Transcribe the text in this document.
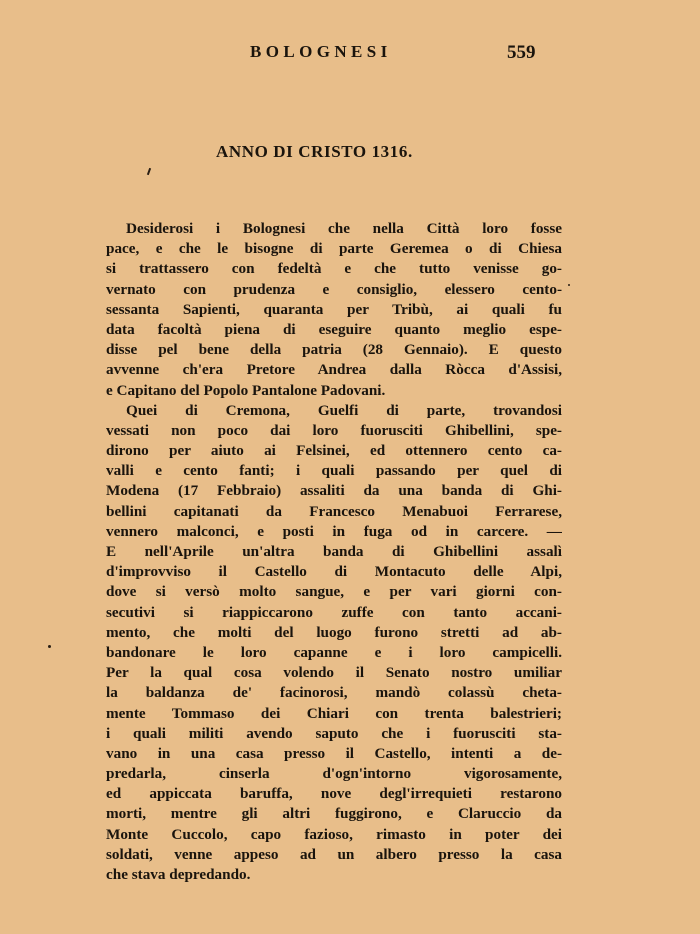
BOLOGNESI	559
ANNO DI CRISTO 1316.
Desiderosi i Bolognesi che nella Città loro fosse
pace, e che le bisogne di parte Geremea o di Chiesa
si trattassero con fedeltà e che tutto venisse go-
vernato con prudenza e consiglio, elessero cento-
sessanta Sapienti, quaranta per Tribù, ai quali fu
data facoltà piena di eseguire quanto meglio espe-
disse pel bene della patria (28 Gennaio). E questo
avvenne ch'era Pretore Andrea dalla Ròcca d'Assisi,
e Capitano del Popolo Pantalone Padovani.
Quei di Cremona, Guelfi di parte, trovandosi
vessati non poco dai loro fuorusciti Ghibellini, spe-
dirono per aiuto ai Felsinei, ed ottennero cento ca-
valli e cento fanti; i quali passando per quel di
Modena (17 Febbraio) assaliti da una banda di Ghi-
bellini capitanati da Francesco Menabuoi Ferrarese,
vennero malconci, e posti in fuga od in carcere. —
E nell'Aprile un'altra banda di Ghibellini assalì
d'improvviso il Castello di Montacuto delle Alpi,
dove si versò molto sangue, e per vari giorni con-
secutivi si riappiccarono zuffe con tanto accani-
mento, che molti del luogo furono stretti ad ab-
bandonare le loro capanne e i loro campicelli.
Per la qual cosa volendo il Senato nostro umiliar
la baldanza de' facinorosi, mandò colassù cheta-
mente Tommaso dei Chiari con trenta balestrieri;
i quali militi avendo saputo che i fuorusciti sta-
vano in una casa presso il Castello, intenti a de-
predarla, cinserla d'ogn'intorno vigorosamente,
ed appiccata baruffa, nove degl'irrequieti restarono
morti, mentre gli altri fuggirono, e Claruccio da
Monte Cuccolo, capo fazioso, rimasto in poter dei
soldati, venne appeso ad un albero presso la casa
che stava depredando.
